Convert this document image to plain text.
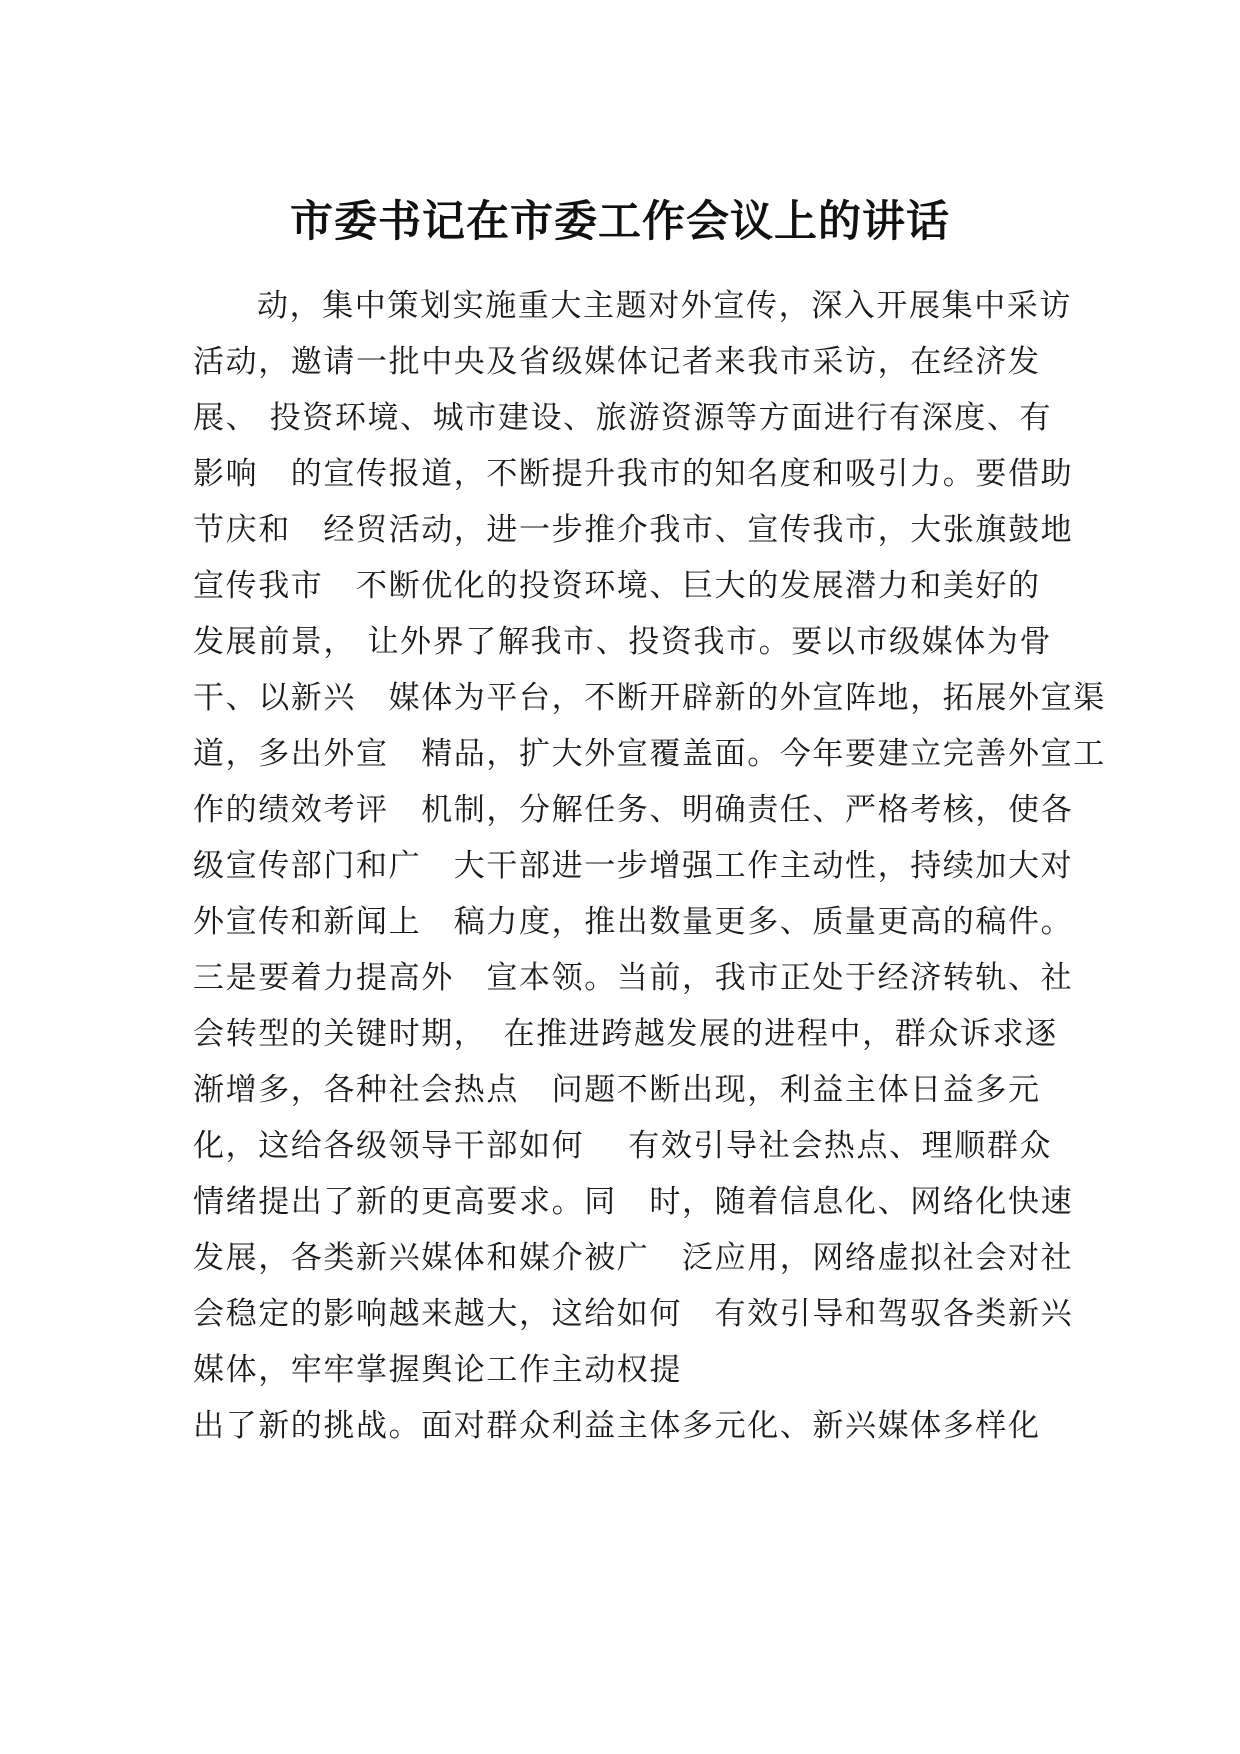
市委书记在市委工作会议上的讲话
动，集中策划实施重大主题对外宣传，深入开展集中采访
活动，邀请一批中央及省级媒体记者来我市采访，在经济发
展、 投资环境、城市建设、旅游资源等方面进行有深度、有
影响　的宣传报道，不断提升我市的知名度和吸引力。要借助
节庆和　经贸活动，进一步推介我市、宣传我市，大张旗鼓地
宣传我市　不断优化的投资环境、巨大的发展潜力和美好的
发展前景， 让外界了解我市、投资我市。要以市级媒体为骨
干、以新兴　媒体为平台，不断开辟新的外宣阵地，拓展外宣渠
道，多出外宣　精品，扩大外宣覆盖面。今年要建立完善外宣工
作的绩效考评　机制，分解任务、明确责任、严格考核，使各
级宣传部门和广　大干部进一步增强工作主动性，持续加大对
外宣传和新闻上　稿力度，推出数量更多、质量更高的稿件。
三是要着力提高外　宣本领。当前，我市正处于经济转轨、社
会转型的关键时期，　在推进跨越发展的进程中，群众诉求逐
渐增多，各种社会热点　问题不断出现，利益主体日益多元
化，这给各级领导干部如何　 有效引导社会热点、理顺群众
情绪提出了新的更高要求。同　时，随着信息化、网络化快速
发展，各类新兴媒体和媒介被广　泛应用，网络虚拟社会对社
会稳定的影响越来越大，这给如何　有效引导和驾驭各类新兴
媒体，牢牢掌握舆论工作主动权提
出了新的挑战。面对群众利益主体多元化、新兴媒体多样化
